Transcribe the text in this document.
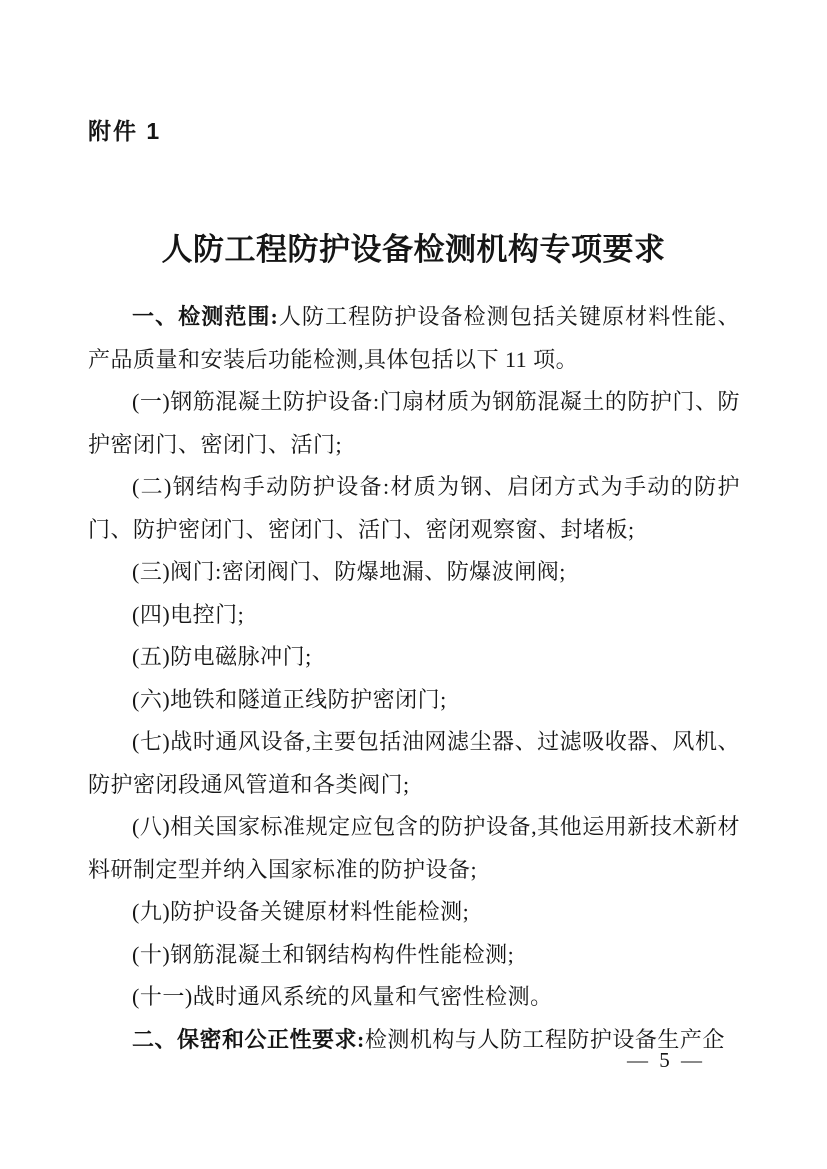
附件 1
人防工程防护设备检测机构专项要求

一、检测范围:人防工程防护设备检测包括关键原材料性能、产品质量和安装后功能检测,具体包括以下 11 项。

(一)钢筋混凝土防护设备:门扇材质为钢筋混凝土的防护门、防护密闭门、密闭门、活门;

(二)钢结构手动防护设备:材质为钢、启闭方式为手动的防护门、防护密闭门、密闭门、活门、密闭观察窗、封堵板;

(三)阀门:密闭阀门、防爆地漏、防爆波闸阀;

(四)电控门;

(五)防电磁脉冲门;

(六)地铁和隧道正线防护密闭门;

(七)战时通风设备,主要包括油网滤尘器、过滤吸收器、风机、防护密闭段通风管道和各类阀门;

(八)相关国家标准规定应包含的防护设备,其他运用新技术新材料研制定型并纳入国家标准的防护设备;

(九)防护设备关键原材料性能检测;

(十)钢筋混凝土和钢结构构件性能检测;

(十一)战时通风系统的风量和气密性检测。

二、保密和公正性要求:检测机构与人防工程防护设备生产企

— 5 —
